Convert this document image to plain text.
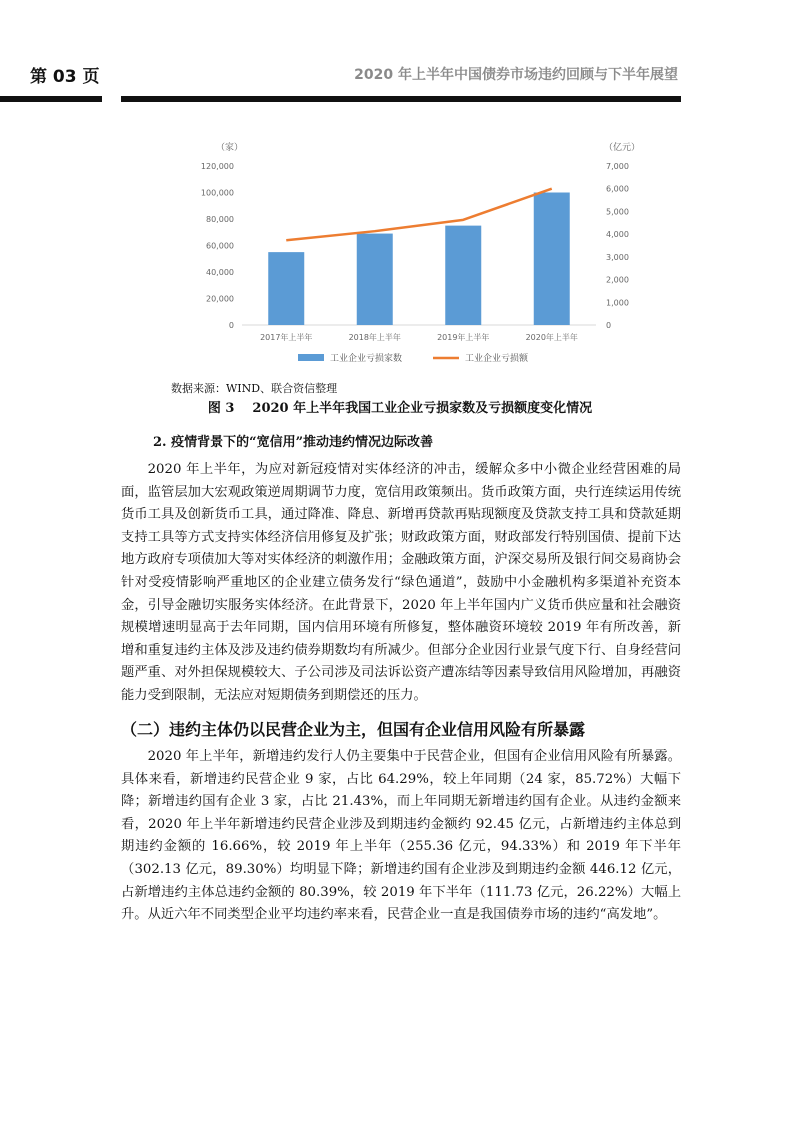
第 03 页	2020 年上半年中国债券市场违约回顾与下半年展望
（家）	（亿元）
0
20,000
40,000
60,000
80,000
100,000
120,000
0
1,000
2,000
3,000
4,000
5,000
6,000
7,000
2017年上半年	2018年上半年	2019年上半年	2020年上半年
工业企业亏损家数	工业企业亏损额
数据来源：WIND、联合资信整理
图 3 2020 年上半年我国工业企业亏损家数及亏损额度变化情况
2. 疫情背景下的“宽信用”推动违约情况边际改善

2020 年上半年，为应对新冠疫情对实体经济的冲击，缓解众多中小微企业经营困难的局面，监管层加大宏观政策逆周期调节力度，宽信用政策频出。货币政策方面，央行连续运用传统货币工具及创新货币工具，通过降准、降息、新增再贷款再贴现额度及贷款支持工具和贷款延期支持工具等方式支持实体经济信用修复及扩张；财政政策方面，财政部发行特别国债、提前下达地方政府专项债加大等对实体经济的刺激作用；金融政策方面，沪深交易所及银行间交易商协会针对受疫情影响严重地区的企业建立债务发行“绿色通道”，鼓励中小金融机构多渠道补充资本金，引导金融切实服务实体经济。在此背景下，2020 年上半年国内广义货币供应量和社会融资规模增速明显高于去年同期，国内信用环境有所修复，整体融资环境较 2019 年有所改善，新增和重复违约主体及涉及违约债券期数均有所减少。但部分企业因行业景气度下行、自身经营问题严重、对外担保规模较大、子公司涉及司法诉讼资产遭冻结等因素导致信用风险增加，再融资能力受到限制，无法应对短期债务到期偿还的压力。

（二）违约主体仍以民营企业为主，但国有企业信用风险有所暴露

2020 年上半年，新增违约发行人仍主要集中于民营企业，但国有企业信用风险有所暴露。具体来看，新增违约民营企业 9 家，占比 64.29%，较上年同期（24 家，85.72%）大幅下降；新增违约国有企业 3 家，占比 21.43%，而上年同期无新增违约国有企业。从违约金额来看，2020 年上半年新增违约民营企业涉及到期违约金额约 92.45 亿元，占新增违约主体总到期违约金额的 16.66%，较 2019 年上半年（255.36 亿元，94.33%）和 2019 年下半年（302.13 亿元，89.30%）均明显下降；新增违约国有企业涉及到期违约金额 446.12 亿元，占新增违约主体总违约金额的 80.39%，较 2019 年下半年（111.73 亿元，26.22%）大幅上升。从近六年不同类型企业平均违约率来看，民营企业一直是我国债券市场的违约“高发地”。
